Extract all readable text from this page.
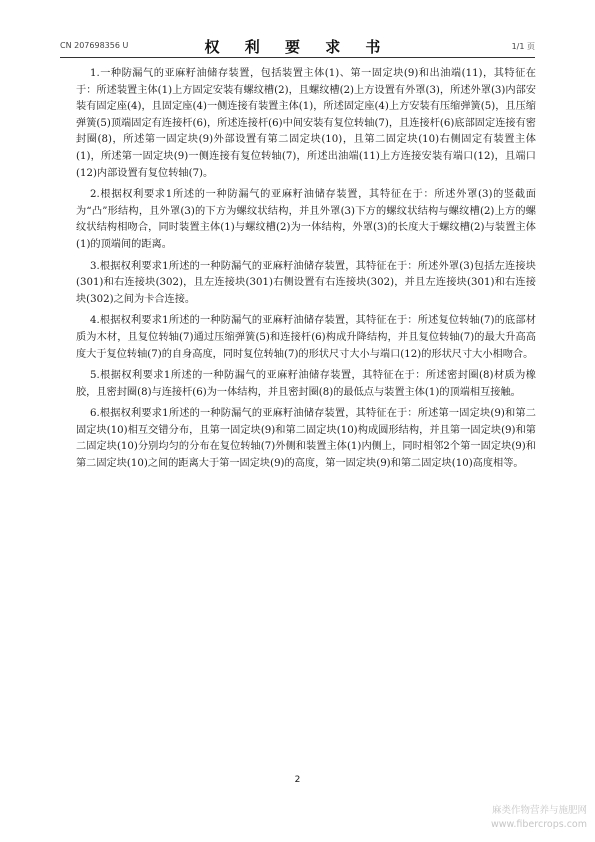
CN 207698356 U	权 利 要 求 书	1/1 页

1.一种防漏气的亚麻籽油储存装置，包括装置主体(1)、第一固定块(9)和出油端(11)，其特征在于：所述装置主体(1)上方固定安装有螺纹槽(2)，且螺纹槽(2)上方设置有外罩(3)，所述外罩(3)内部安装有固定座(4)，且固定座(4)一侧连接有装置主体(1)，所述固定座(4)上方安装有压缩弹簧(5)，且压缩弹簧(5)顶端固定有连接杆(6)，所述连接杆(6)中间安装有复位转轴(7)，且连接杆(6)底部固定连接有密封圈(8)，所述第一固定块(9)外部设置有第二固定块(10)，且第二固定块(10)右侧固定有装置主体(1)，所述第一固定块(9)一侧连接有复位转轴(7)，所述出油端(11)上方连接安装有端口(12)，且端口(12)内部设置有复位转轴(7)。

2.根据权利要求1所述的一种防漏气的亚麻籽油储存装置，其特征在于：所述外罩(3)的竖截面为“凸”形结构，且外罩(3)的下方为螺纹状结构，并且外罩(3)下方的螺纹状结构与螺纹槽(2)上方的螺纹状结构相吻合，同时装置主体(1)与螺纹槽(2)为一体结构，外罩(3)的长度大于螺纹槽(2)与装置主体(1)的顶端间的距离。

3.根据权利要求1所述的一种防漏气的亚麻籽油储存装置，其特征在于：所述外罩(3)包括左连接块(301)和右连接块(302)，且左连接块(301)右侧设置有右连接块(302)，并且左连接块(301)和右连接块(302)之间为卡合连接。

4.根据权利要求1所述的一种防漏气的亚麻籽油储存装置，其特征在于：所述复位转轴(7)的底部材质为木材，且复位转轴(7)通过压缩弹簧(5)和连接杆(6)构成升降结构，并且复位转轴(7)的最大升高高度大于复位转轴(7)的自身高度，同时复位转轴(7)的形状尺寸大小与端口(12)的形状尺寸大小相吻合。

5.根据权利要求1所述的一种防漏气的亚麻籽油储存装置，其特征在于：所述密封圈(8)材质为橡胶，且密封圈(8)与连接杆(6)为一体结构，并且密封圈(8)的最低点与装置主体(1)的顶端相互接触。

6.根据权利要求1所述的一种防漏气的亚麻籽油储存装置，其特征在于：所述第一固定块(9)和第二固定块(10)相互交错分布，且第一固定块(9)和第二固定块(10)构成圆形结构，并且第一固定块(9)和第二固定块(10)分别均匀的分布在复位转轴(7)外侧和装置主体(1)内侧上，同时相邻2个第一固定块(9)和第二固定块(10)之间的距离大于第一固定块(9)的高度，第一固定块(9)和第二固定块(10)高度相等。

2
麻类作物营养与施肥网
www.fibercrops.com
